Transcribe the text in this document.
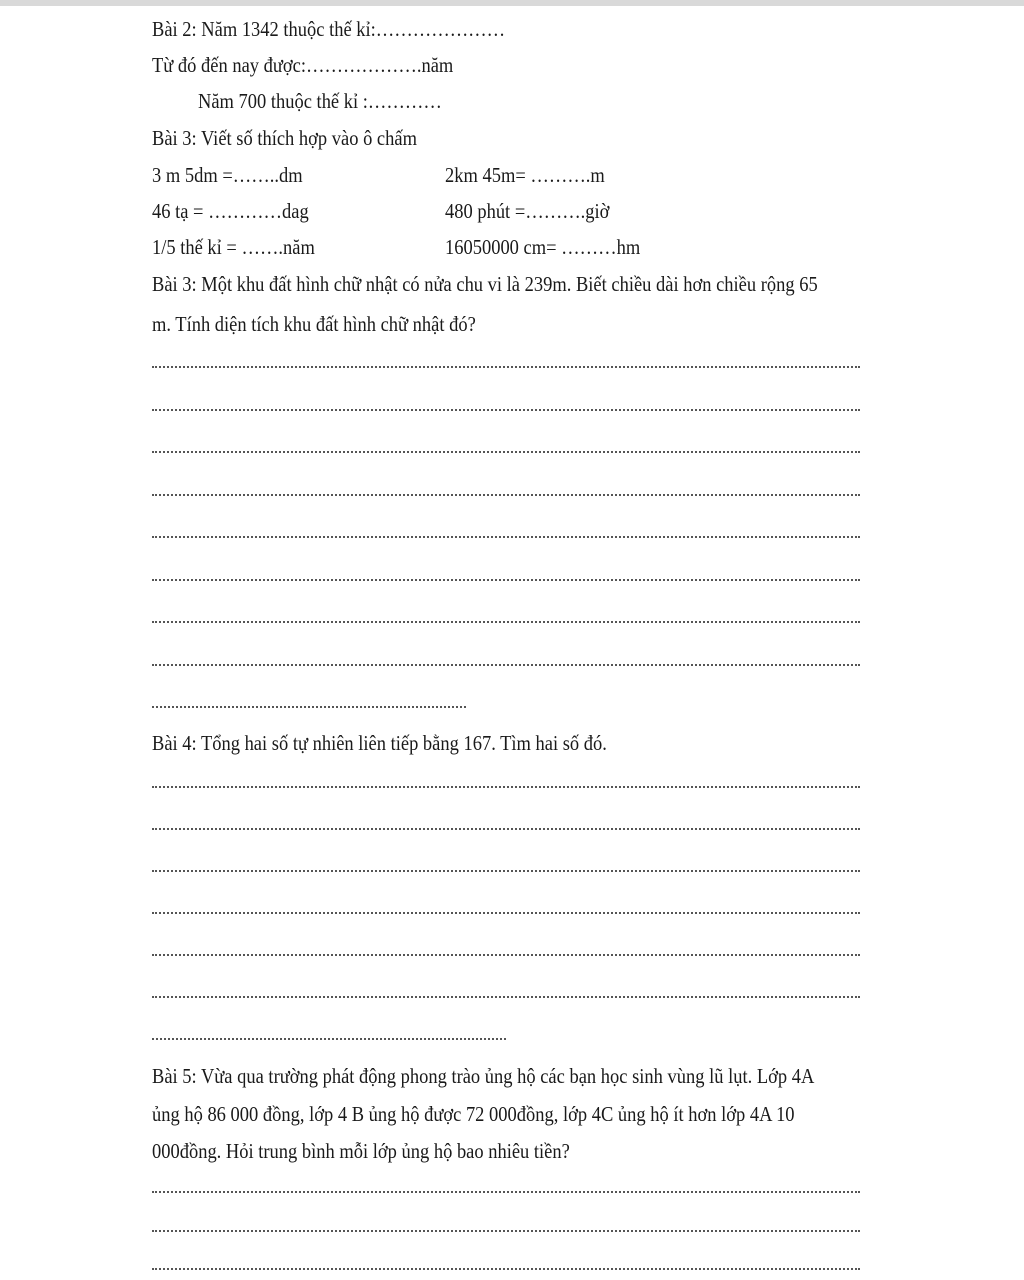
Bài 2: Năm 1342 thuộc thế kỉ:…………………
Từ đó đến nay được:……………….năm
Năm 700 thuộc thế kỉ :…………
Bài 3: Viết số thích hợp vào ô chấm
3 m 5dm =……..dm	2km 45m= ……….m
46 tạ = …………dag	480 phút =……….giờ
1/5 thế kỉ = …….năm	16050000 cm= ………hm
Bài 3: Một khu đất hình chữ nhật có nửa chu vi là 239m. Biết chiều dài hơn chiều rộng 65
m. Tính diện tích khu đất hình chữ nhật đó?
Bài 4: Tổng hai số tự nhiên liên tiếp bằng 167. Tìm hai số đó.
Bài 5: Vừa qua trường phát động phong trào ủng hộ các bạn học sinh vùng lũ lụt. Lớp 4A
ủng hộ 86 000 đồng, lớp 4 B ủng hộ được 72 000đồng, lớp 4C ủng hộ ít hơn lớp 4A 10
000đồng. Hỏi trung bình mỗi lớp ủng hộ bao nhiêu tiền?
